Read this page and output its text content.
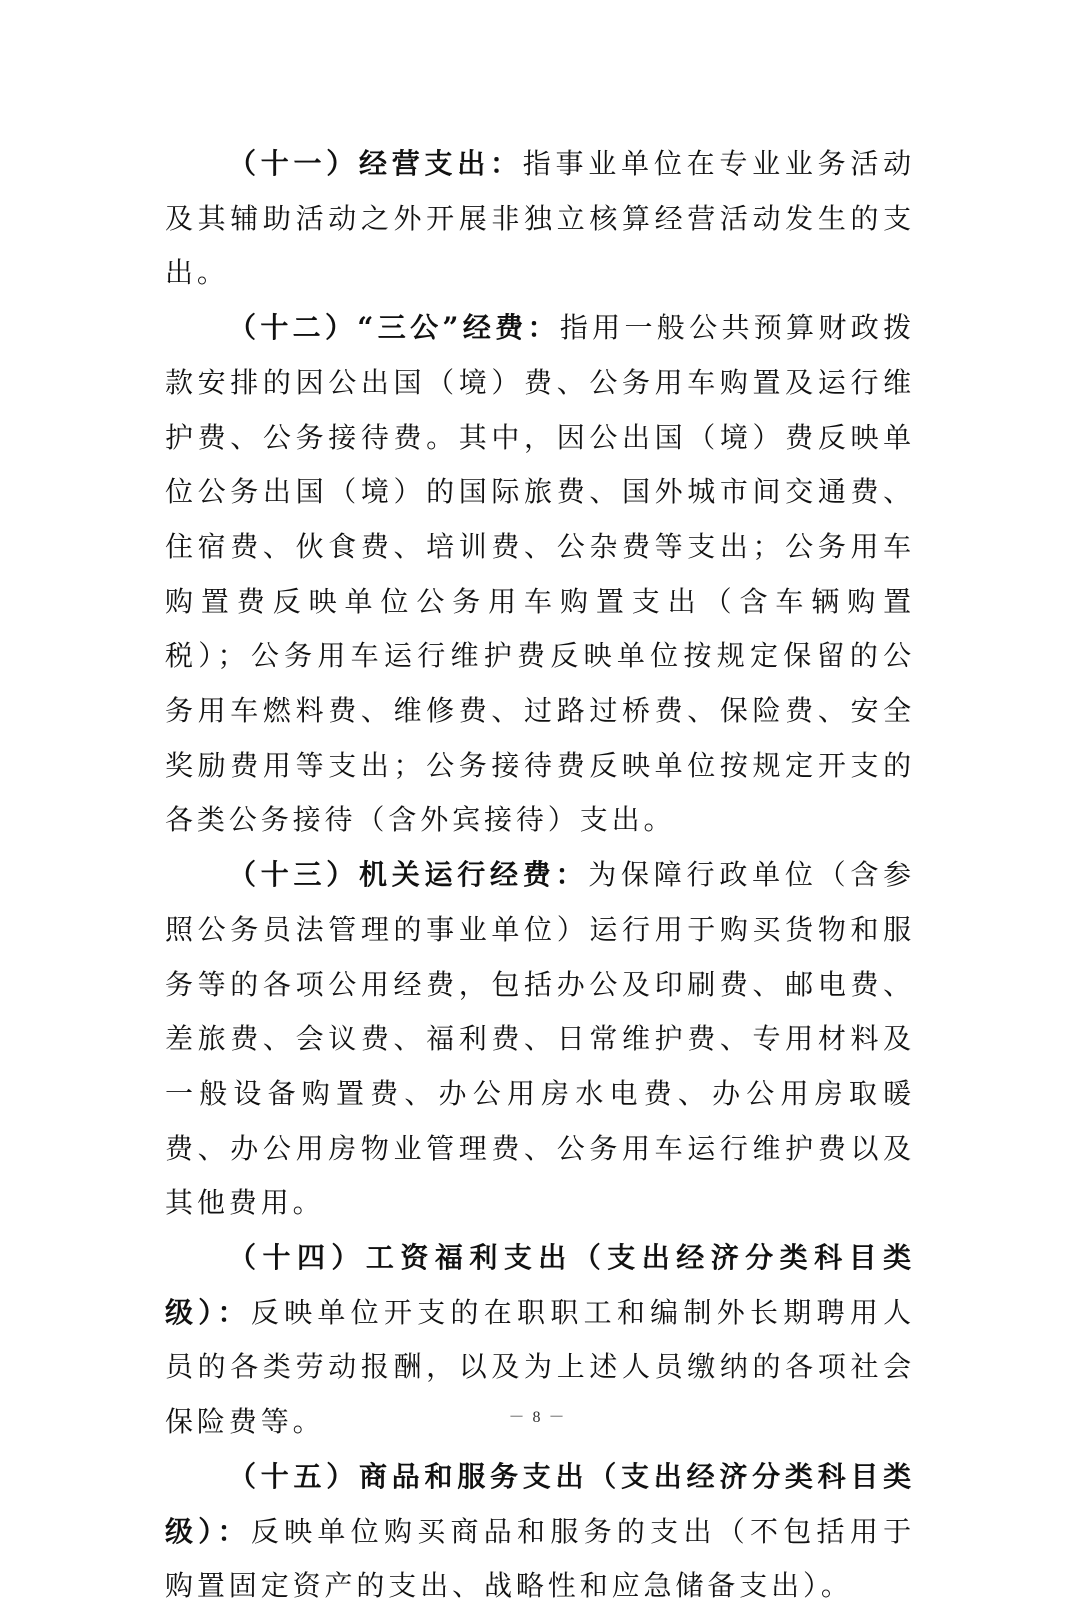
（十一）经营支出：指事业单位在专业业务活动及其辅助活动之外开展非独立核算经营活动发生的支出。

（十二）“三公”经费：指用一般公共预算财政拨款安排的因公出国（境）费、公务用车购置及运行维护费、公务接待费。其中，因公出国（境）费反映单位公务出国（境）的国际旅费、国外城市间交通费、住宿费、伙食费、培训费、公杂费等支出；公务用车购置费反映单位公务用车购置支出（含车辆购置税）；公务用车运行维护费反映单位按规定保留的公务用车燃料费、维修费、过路过桥费、保险费、安全奖励费用等支出；公务接待费反映单位按规定开支的各类公务接待（含外宾接待）支出。

（十三）机关运行经费：为保障行政单位（含参照公务员法管理的事业单位）运行用于购买货物和服务等的各项公用经费，包括办公及印刷费、邮电费、差旅费、会议费、福利费、日常维护费、专用材料及一般设备购置费、办公用房水电费、办公用房取暖费、办公用房物业管理费、公务用车运行维护费以及其他费用。

（十四）工资福利支出（支出经济分类科目类级）：反映单位开支的在职职工和编制外长期聘用人员的各类劳动报酬，以及为上述人员缴纳的各项社会保险费等。

（十五）商品和服务支出（支出经济分类科目类级）：反映单位购买商品和服务的支出（不包括用于购置固定资产的支出、战略性和应急储备支出）。

－ 8 －
